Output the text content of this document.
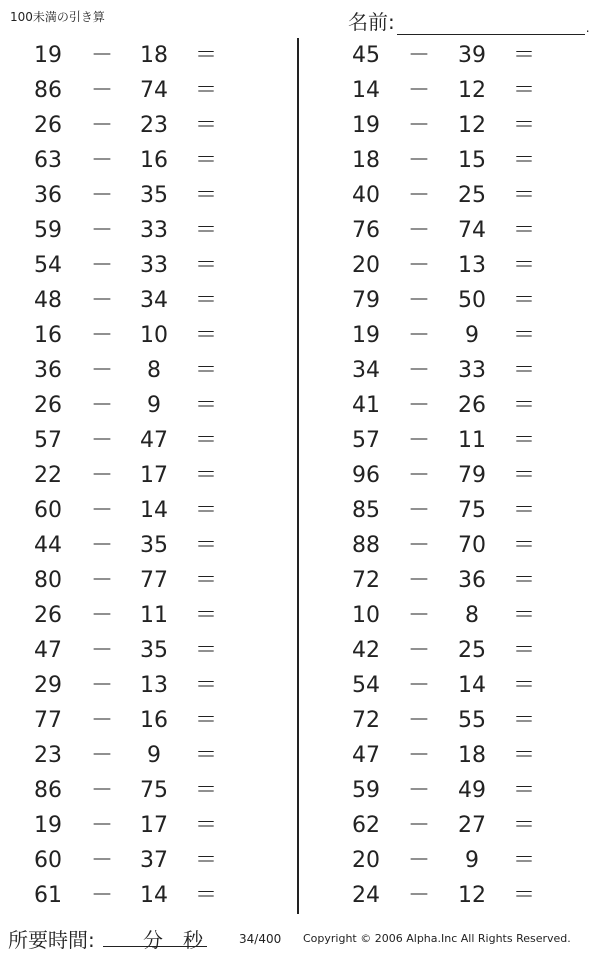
100未満の引き算	名前:	.
19 － 18 ＝
86 － 74 ＝
26 － 23 ＝
63 － 16 ＝
36 － 35 ＝
59 － 33 ＝
54 － 33 ＝
48 － 34 ＝
16 － 10 ＝
36 －	8	＝
26 －	9	＝
57 － 47 ＝
22 － 17 ＝
60 － 14 ＝
44 － 35 ＝
80 － 77 ＝
26 － 11 ＝
47 － 35 ＝
29 － 13 ＝
77 － 16 ＝
23 －	9	＝
86 － 75 ＝
19 － 17 ＝
60 － 37 ＝
61 － 14 ＝
45 － 39 ＝
14 － 12 ＝
19 － 12 ＝
18 － 15 ＝
40 － 25 ＝
76 － 74 ＝
20 － 13 ＝
79 － 50 ＝
19 －	9	＝
34 － 33 ＝
41 － 26 ＝
57 － 11 ＝
96 － 79 ＝
85 － 75 ＝
88 － 70 ＝
72 － 36 ＝
10 －	8	＝
42 － 25 ＝
54 － 14 ＝
72 － 55 ＝
47 － 18 ＝
59 － 49 ＝
62 － 27 ＝
20 －	9	＝
24 － 12 ＝
所要時間:	分	秒	34/400 Copyright © 2006 Alpha.Inc All Rights Reserved.
